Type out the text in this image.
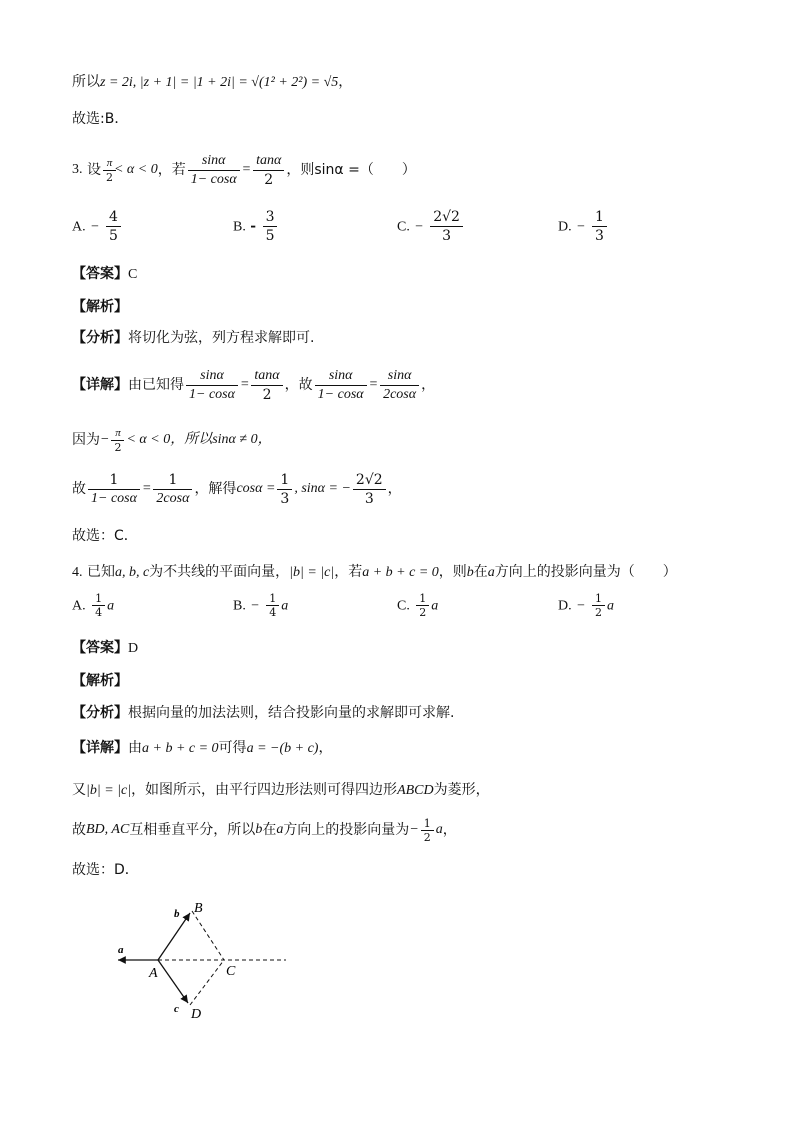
所以z = 2i, |z + 1| = |1 + 2i| = √(1² + 2²) = √5，
故选:B．
3.
设 $\frac{\pi}{2}$
< α < 0 ，若 $\frac{\sin\alpha}{1- \cos\alpha} = \frac{\tan\alpha}{2}$ ，则sinα =（　　）
A. − $\frac{4}{5}$	B. - $\frac{3}{5}$	C. − $\frac{2√2}{3}$	D. − $\frac{1}{3}$
【答案】C
【解析】
【分析】将切化为弦，列方程求解即可.
【详解】 由已知得 $\frac{\sin\alpha}{1- \cos\alpha} = \frac{\tan\alpha}{2}$ ，故 $\frac{\sin\alpha}{1- \cos\alpha} = \frac{\sin\alpha}{2\cos\alpha}$ ，
因为 − $\frac{\pi}{2} < \alpha < 0$ ，所以sinα ≠ 0，
故 $\frac{1}{1- \cos\alpha} = \frac{1}{2\cos\alpha}$ ，解得 $\cos\alpha = \frac{1}{3}$ , sinα = − $\frac{2√2}{3}$ ，
故选：C．
4. 已知a, b, c为不共线的平面向量，|b| = |c|，若a + b + c = 0，则b在a方向上的投影向量为（　　）
A. $\frac{1}{4}$ a	B. − $\frac{1}{4}$ a	C. $\frac{1}{2}$ a	D. − $\frac{1}{2}$ a
【答案】D
【解析】
【分析】根据向量的加法法则，结合投影向量的求解即可求解.
【详解】由a + b + c = 0可得a = −(b + c)，
又|b| = |c|，如图所示，由平行四边形法则可得四边形ABCD为菱形，
故 BD, AC 互相垂直平分，所以 b 在 a 方向上的投影向量为 − $\frac{1}{2}$ a ，
故选：D．
a
b
c
A
B
C
D
